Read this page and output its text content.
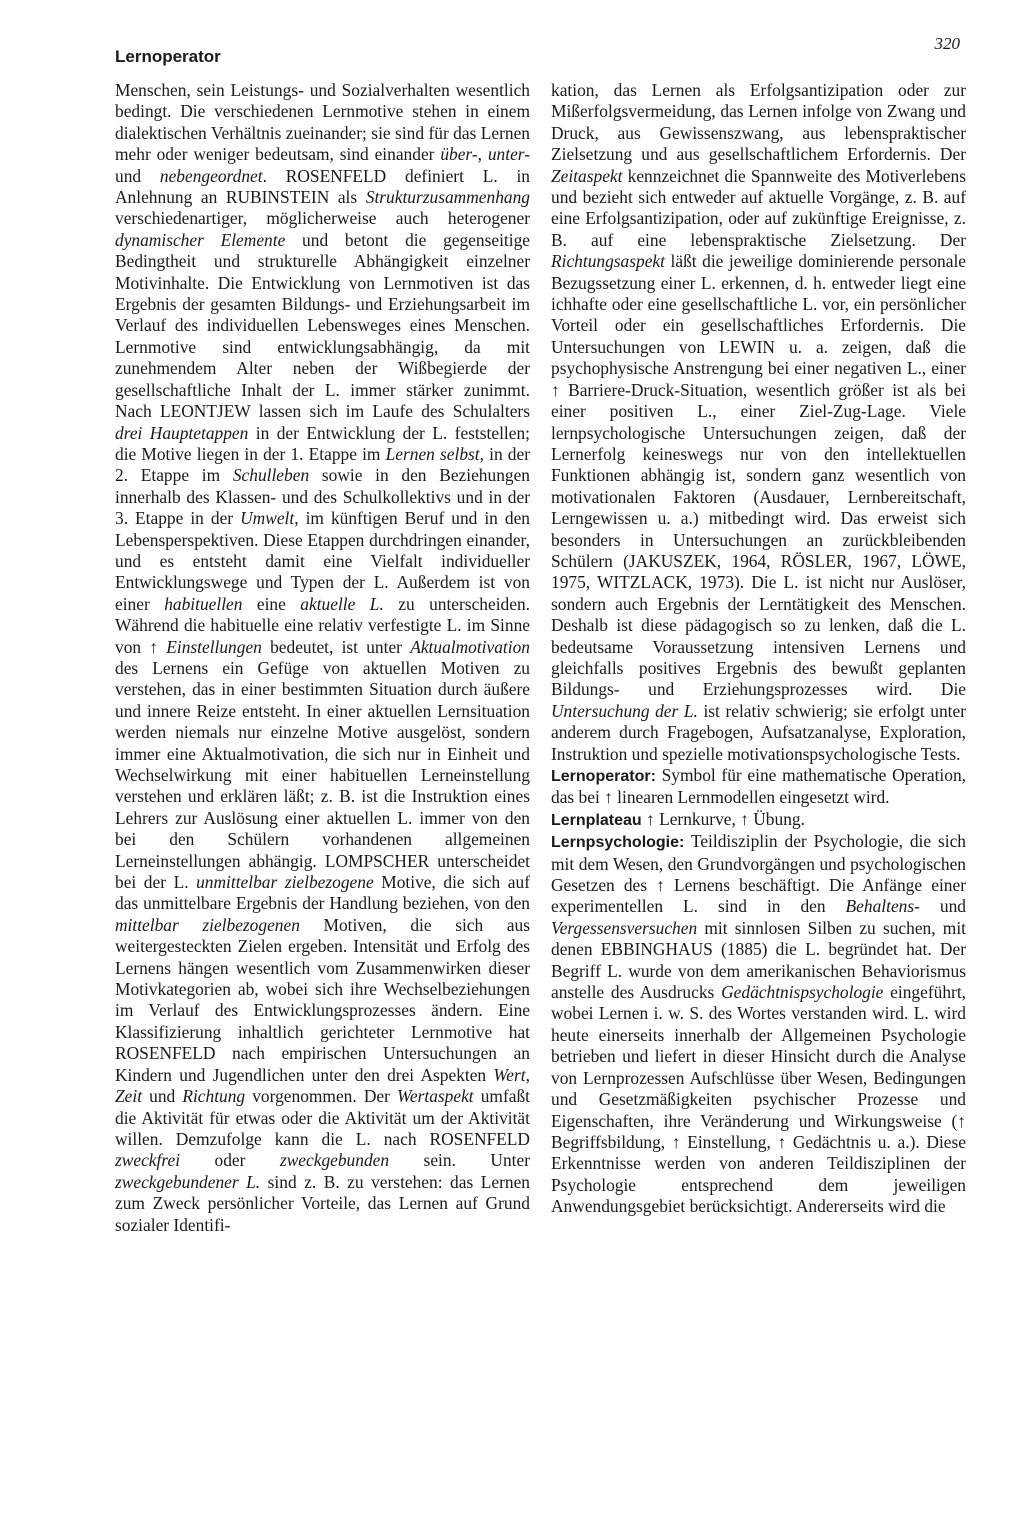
Lernoperator
320

Menschen, sein Leistungs- und Sozialverhalten wesentlich bedingt. Die verschiedenen Lernmotive stehen in einem dialektischen Verhältnis zueinander; sie sind für das Lernen mehr oder weniger bedeutsam, sind einander über-, unter- und nebengeordnet. ROSENFELD definiert L. in Anlehnung an RUBINSTEIN als Strukturzusammenhang verschiedenartiger, möglicherweise auch heterogener dynamischer Elemente und betont die gegenseitige Bedingtheit und strukturelle Abhängigkeit einzelner Motivinhalte. Die Entwicklung von Lernmotiven ist das Ergebnis der gesamten Bildungs- und Erziehungsarbeit im Verlauf des individuellen Lebensweges eines Menschen. Lernmotive sind entwicklungsabhängig, da mit zunehmendem Alter neben der Wißbegierde der gesellschaftliche Inhalt der L. immer stärker zunimmt. Nach LEONTJEW lassen sich im Laufe des Schulalters drei Hauptetappen in der Entwicklung der L. feststellen; die Motive liegen in der 1. Etappe im Lernen selbst, in der 2. Etappe im Schulleben sowie in den Beziehungen innerhalb des Klassen- und des Schulkollektivs und in der 3. Etappe in der Umwelt, im künftigen Beruf und in den Lebensperspektiven. Diese Etappen durchdringen einander, und es entsteht damit eine Vielfalt individueller Entwicklungswege und Typen der L. Außerdem ist von einer habituellen eine aktuelle L. zu unterscheiden. Während die habituelle eine relativ verfestigte L. im Sinne von ↑ Einstellungen bedeutet, ist unter Aktualmotivation des Lernens ein Gefüge von aktuellen Motiven zu verstehen, das in einer bestimmten Situation durch äußere und innere Reize entsteht. In einer aktuellen Lernsituation werden niemals nur einzelne Motive ausgelöst, sondern immer eine Aktualmotivation, die sich nur in Einheit und Wechselwirkung mit einer habituellen Lerneinstellung verstehen und erklären läßt; z. B. ist die Instruktion eines Lehrers zur Auslösung einer aktuellen L. immer von den bei den Schülern vorhandenen allgemeinen Lerneinstellungen abhängig. LOMPSCHER unterscheidet bei der L. unmittelbar zielbezogene Motive, die sich auf das unmittelbare Ergebnis der Handlung beziehen, von den mittelbar zielbezogenen Motiven, die sich aus weitergesteckten Zielen ergeben. Intensität und Erfolg des Lernens hängen wesentlich vom Zusammenwirken dieser Motivkategorien ab, wobei sich ihre Wechselbeziehungen im Verlauf des Entwicklungsprozesses ändern. Eine Klassifizierung inhaltlich gerichteter Lernmotive hat ROSENFELD nach empirischen Untersuchungen an Kindern und Jugendlichen unter den drei Aspekten Wert, Zeit und Richtung vorgenommen. Der Wertaspekt umfaßt die Aktivität für etwas oder die Aktivität um der Aktivität willen. Demzufolge kann die L. nach ROSENFELD zweckfrei oder zweckgebunden sein. Unter zweckgebundener L. sind z. B. zu verstehen: das Lernen zum Zweck persönlicher Vorteile, das Lernen auf Grund sozialer Identifi-

kation, das Lernen als Erfolgsantizipation oder zur Mißerfolgsvermeidung, das Lernen infolge von Zwang und Druck, aus Gewissenszwang, aus lebenspraktischer Zielsetzung und aus gesellschaftlichem Erfordernis. Der Zeitaspekt kennzeichnet die Spannweite des Motiverlebens und bezieht sich entweder auf aktuelle Vorgänge, z. B. auf eine Erfolgsantizipation, oder auf zukünftige Ereignisse, z. B. auf eine lebenspraktische Zielsetzung. Der Richtungsaspekt läßt die jeweilige dominierende personale Bezugssetzung einer L. erkennen, d. h. entweder liegt eine ichhafte oder eine gesellschaftliche L. vor, ein persönlicher Vorteil oder ein gesellschaftliches Erfordernis. Die Untersuchungen von LEWIN u. a. zeigen, daß die psychophysische Anstrengung bei einer negativen L., einer ↑ Barriere-Druck-Situation, wesentlich größer ist als bei einer positiven L., einer Ziel-Zug-Lage. Viele lernpsychologische Untersuchungen zeigen, daß der Lernerfolg keineswegs nur von den intellektuellen Funktionen abhängig ist, sondern ganz wesentlich von motivationalen Faktoren (Ausdauer, Lernbereitschaft, Lerngewissen u. a.) mitbedingt wird. Das erweist sich besonders in Untersuchungen an zurückbleibenden Schülern (JAKUSZEK, 1964, RÖSLER, 1967, LÖWE, 1975, WITZLACK, 1973). Die L. ist nicht nur Auslöser, sondern auch Ergebnis der Lerntätigkeit des Menschen. Deshalb ist diese pädagogisch so zu lenken, daß die L. bedeutsame Voraussetzung intensiven Lernens und gleichfalls positives Ergebnis des bewußt geplanten Bildungs- und Erziehungsprozesses wird. Die Untersuchung der L. ist relativ schwierig; sie erfolgt unter anderem durch Fragebogen, Aufsatzanalyse, Exploration, Instruktion und spezielle motivationspsychologische Tests.

Lernoperator: Symbol für eine mathematische Operation, das bei ↑ linearen Lernmodellen eingesetzt wird.

Lernplateau ↑ Lernkurve, ↑ Übung.

Lernpsychologie: Teildisziplin der Psychologie, die sich mit dem Wesen, den Grundvorgängen und psychologischen Gesetzen des ↑ Lernens beschäftigt. Die Anfänge einer experimentellen L. sind in den Behaltens- und Vergessensversuchen mit sinnlosen Silben zu suchen, mit denen EBBINGHAUS (1885) die L. begründet hat. Der Begriff L. wurde von dem amerikanischen Behaviorismus anstelle des Ausdrucks Gedächtnispsychologie eingeführt, wobei Lernen i. w. S. des Wortes verstanden wird. L. wird heute einerseits innerhalb der Allgemeinen Psychologie betrieben und liefert in dieser Hinsicht durch die Analyse von Lernprozessen Aufschlüsse über Wesen, Bedingungen und Gesetzmäßigkeiten psychischer Prozesse und Eigenschaften, ihre Veränderung und Wirkungsweise (↑ Begriffsbildung, ↑ Einstellung, ↑ Gedächtnis u. a.). Diese Erkenntnisse werden von anderen Teildisziplinen der Psychologie entsprechend dem jeweiligen Anwendungsgebiet berücksichtigt. Andererseits wird die
